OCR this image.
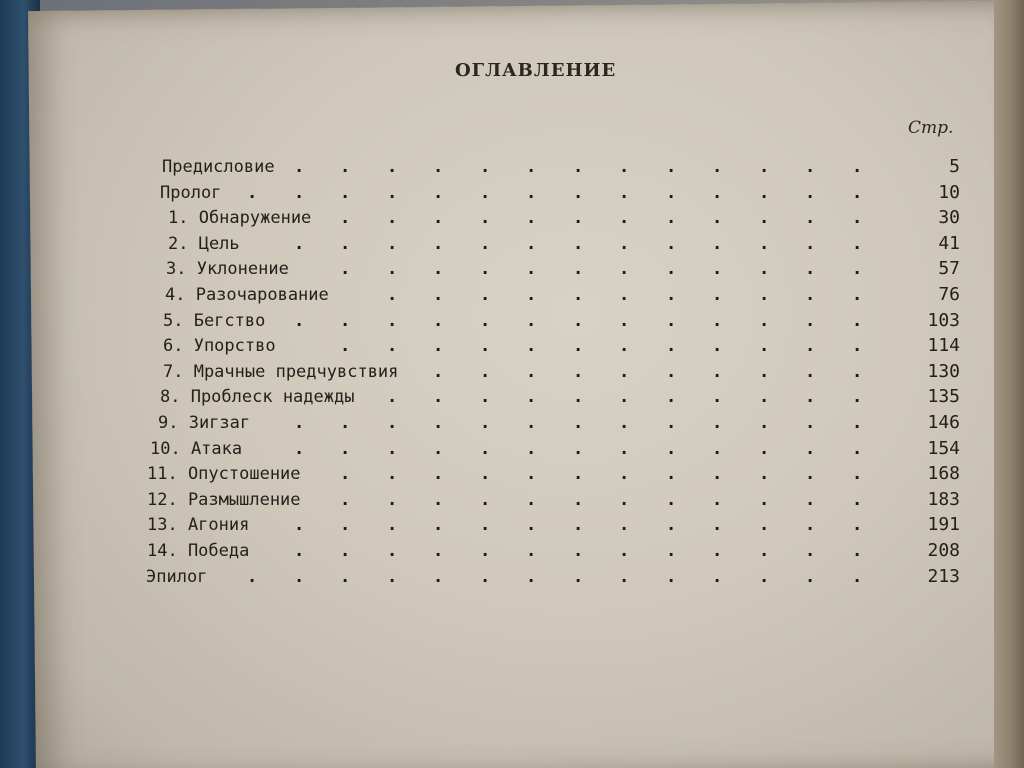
ОГЛАВЛЕНИЕ
Стр.
Предисловие	5
. . . . . . . . . . . . .
Пролог	10
. . . . . . . . . . . . . .
1. Обнаружение	30
. . . . . . . . . . . .
2. Цель	41
. . . . . . . . . . . . .
3. Уклонение	57
. . . . . . . . . . . .
4. Разочарование	76
. . . . . . . . . . .
5. Бегство	103
. . . . . . . . . . . . .
6. Упорство	114
. . . . . . . . . . . .
7. Мрачные предчувствия	130
. . . . . . . . . .
8. Проблеск надежды	135
. . . . . . . . . . .
9. Зигзаг	146
. . . . . . . . . . . . .
10. Атака	154
. . . . . . . . . . . . .
11. Опустошение	168
. . . . . . . . . . . .
12. Размышление	183
. . . . . . . . . . . .
13. Агония	191
. . . . . . . . . . . . .
14. Победа	208
. . . . . . . . . . . . .
Эпилог	213
. . . . . . . . . . . . . .
